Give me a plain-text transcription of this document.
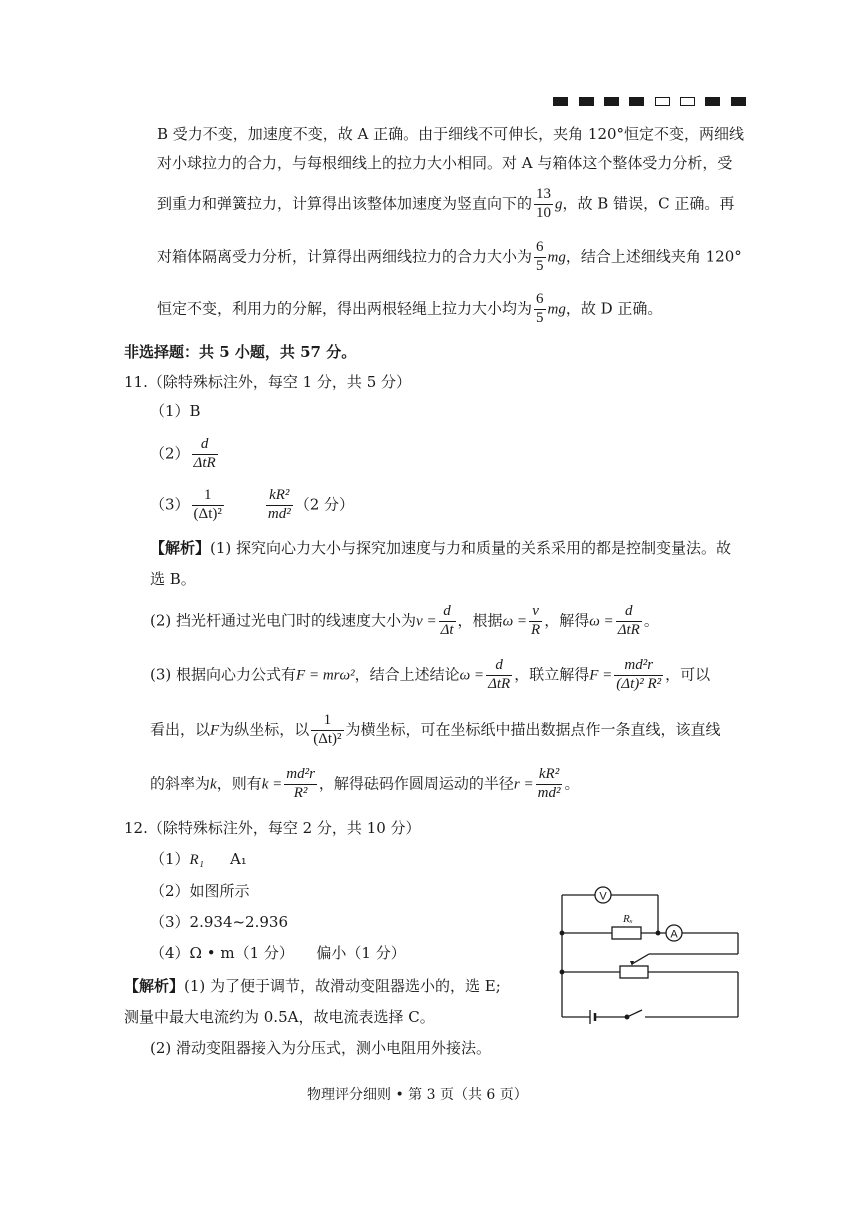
B 受力不变，加速度不变，故 A 正确。由于细线不可伸长，夹角 120°恒定不变，两细线
对小球拉力的合力，与每根细线上的拉力大小相同。对 A 与箱体这个整体受力分析，受
到重力和弹簧拉力，计算得出该整体加速度为竖直向下的 $\frac{13}{10}$ g，故 B 错误，C 正确。再
对箱体隔离受力分析，计算得出两细线拉力的合力大小为 $\frac{6}{5}$ mg，结合上述细线夹角 120°
恒定不变，利用力的分解，得出两根轻绳上拉力大小均为 $\frac{6}{5}$ mg，故 D 正确。
非选择题：共 5 小题，共 57 分。
11.（除特殊标注外，每空 1 分，共 5 分）
（1）B
$(2) \frac{d}{\text{ΔtR}}$
$(3) \frac{1}{\text{(Δt)²}}$	$\frac{\text{kR²}}{\text{md²}} (2$ 分）
【解析】(1) 探究向心力大小与探究加速度与力和质量的关系采用的都是控制变量法。故
选 B。
(2) 挡光杆通过光电门时的线速度大小为$v = \frac{d}{\Delta t}$ ，根据$\omega = \frac{v}{R}$ ，解得$\omega = \frac{d}{\text{ΔtR}}$ 。
(3) 根据向心力公式有F = mrω²，结合上述结论$\omega = \frac{d}{\text{ΔtR}}$ ，联立解得$F = \frac{\text{md²r}}{\text{(Δt)² R²}}$ ，可以
看出，以F为纵坐标，以 $\frac{1}{\text{(Δt)²}}$ 为横坐标，可在坐标纸中描出数据点作一条直线，该直线
的斜率为k，则有$k = \frac{\text{md²r}}{\text{R²}}$ ，解得砝码作圆周运动的半径$r = \frac{\text{kR²}}{\text{md²}}$ 。
12.（除特殊标注外，每空 2 分，共 10 分）
（1）R₁ A₁
（2）如图所示
（3）2.934~2.936
（4）Ω • m（1 分）　　偏小（1 分）
【解析】(1) 为了便于调节，故滑动变阻器选小的，选 E;
测量中最大电流约为 0.5A，故电流表选择 C。
(2) 滑动变阻器接入为分压式，测小电阻用外接法。
V
Rₓ
A
物理评分细则 • 第 3 页（共 6 页）
